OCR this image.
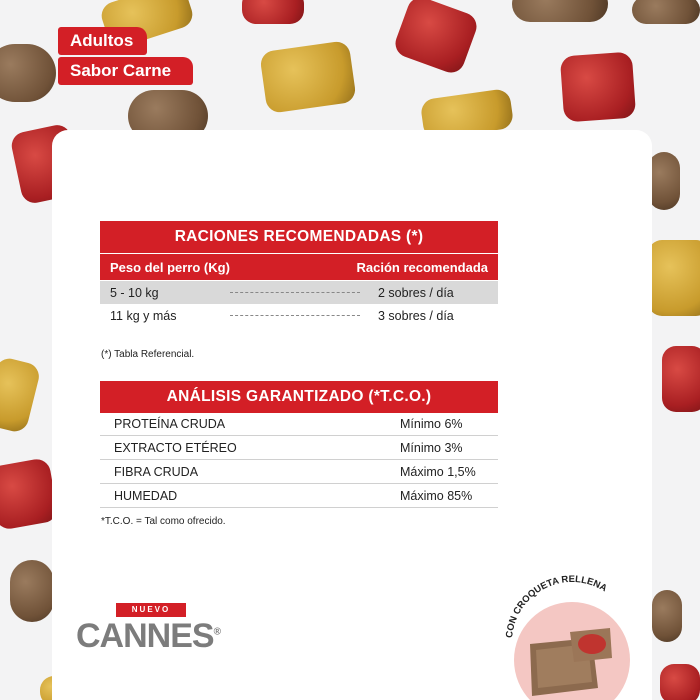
Adultos
Sabor Carne
RACIONES RECOMENDADAS (*)
Peso del perro (Kg)	Ración recomendada
5 - 10 kg	2 sobres / día
11 kg y más	3 sobres / día
(*) Tabla Referencial.
ANÁLISIS GARANTIZADO (*T.C.O.)
PROTEÍNA CRUDA	Mínimo 6%
EXTRACTO ETÉREO	Mínimo 3%
FIBRA CRUDA	Máximo 1,5%
HUMEDAD	Máximo 85%
*T.C.O. = Tal como ofrecido.
NUEVO
CANNES®	CON CROQUETA RELLENA
